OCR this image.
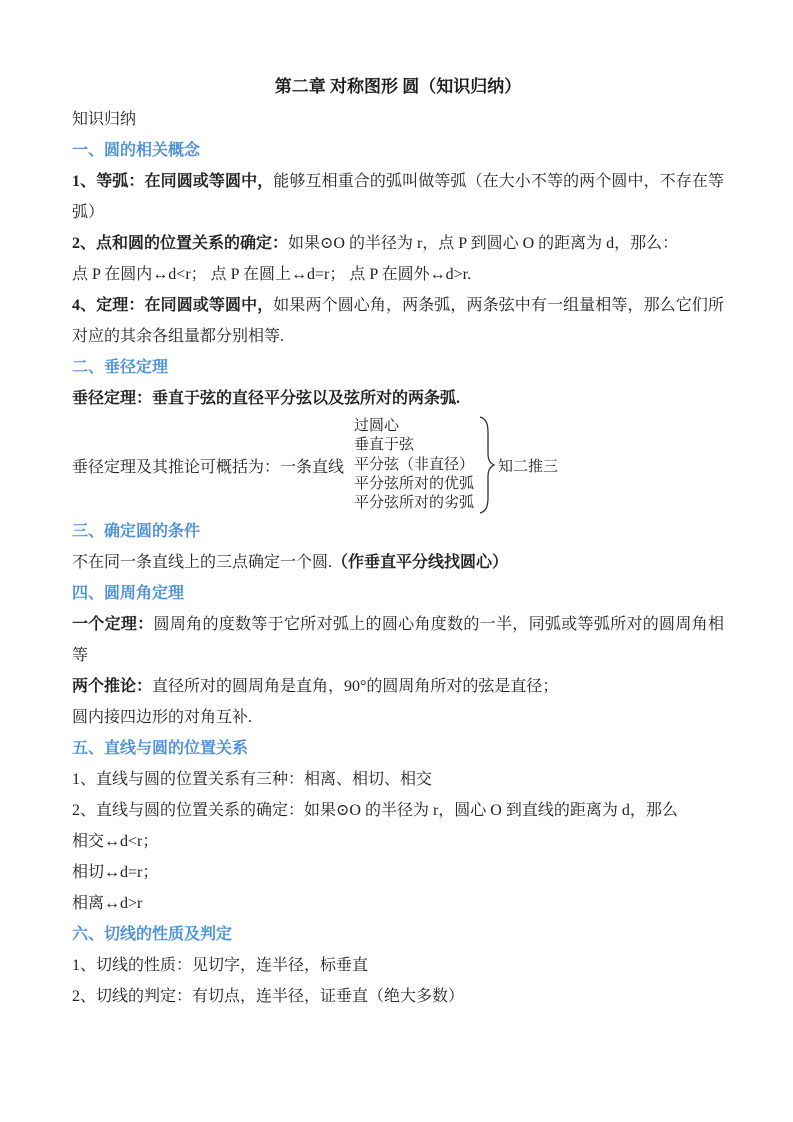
第二章 对称图形 圆（知识归纳）

知识归纳

一、圆的相关概念

1、等弧：在同圆或等圆中，能够互相重合的弧叫做等弧（在大小不等的两个圆中，不存在等弧）

2、点和圆的位置关系的确定：如果⊙O 的半径为 r，点 P 到圆心 O 的距离为 d，那么：

点 P 在圆内↔d<r； 点 P 在圆上↔d=r； 点 P 在圆外↔d>r.

4、定理：在同圆或等圆中，如果两个圆心角，两条弧，两条弦中有一组量相等，那么它们所对应的其余各组量都分别相等.

二、垂径定理

垂径定理：垂直于弦的直径平分弦以及弦所对的两条弧.

垂径定理及其推论可概括为：一条直线
过圆心
垂直于弦
平分弦（非直径）
平分弦所对的优弧
平分弦所对的劣弧
知二推三
三、确定圆的条件

不在同一条直线上的三点确定一个圆.（作垂直平分线找圆心）

四、圆周角定理

一个定理：圆周角的度数等于它所对弧上的圆心角度数的一半，同弧或等弧所对的圆周角相等

两个推论：直径所对的圆周角是直角，90°的圆周角所对的弦是直径；

圆内接四边形的对角互补.

五、直线与圆的位置关系

1、直线与圆的位置关系有三种：相离、相切、相交

2、直线与圆的位置关系的确定：如果⊙O 的半径为 r，圆心 O 到直线的距离为 d，那么

相交↔d<r；

相切↔d=r；

相离↔d>r

六、切线的性质及判定

1、切线的性质：见切字，连半径，标垂直

2、切线的判定：有切点，连半径，证垂直（绝大多数）
